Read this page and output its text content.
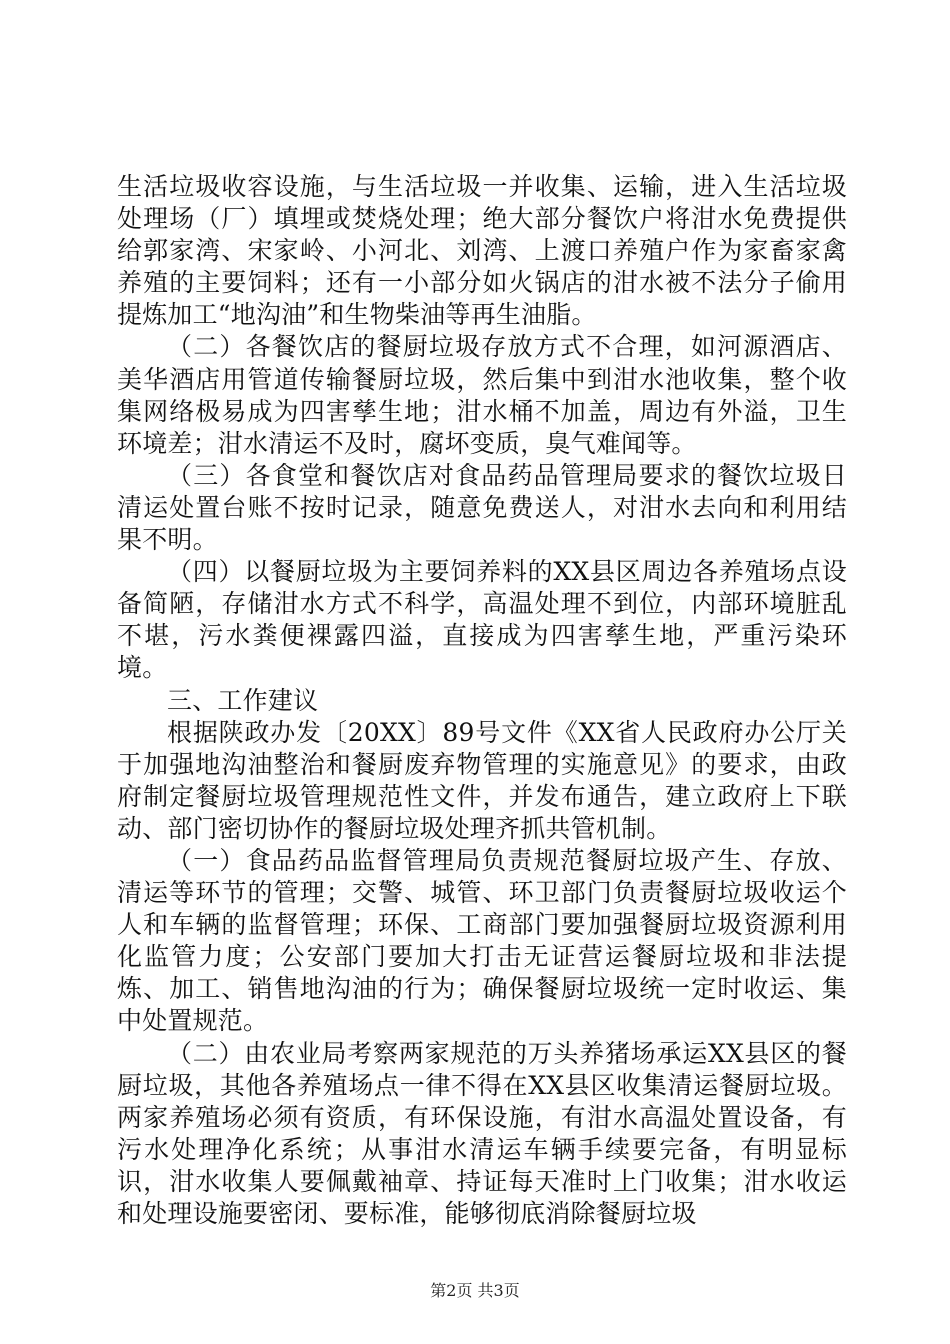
生活垃圾收容设施，与生活垃圾一并收集、运输，进入生活垃圾处理场（厂）填埋或焚烧处理；绝大部分餐饮户将泔水免费提供给郭家湾、宋家岭、小河北、刘湾、上渡口养殖户作为家畜家禽养殖的主要饲料；还有一小部分如火锅店的泔水被不法分子偷用提炼加工“地沟油”和生物柴油等再生油脂。

（二）各餐饮店的餐厨垃圾存放方式不合理，如河源酒店、美华酒店用管道传输餐厨垃圾，然后集中到泔水池收集，整个收集网络极易成为四害孳生地；泔水桶不加盖，周边有外溢，卫生环境差；泔水清运不及时，腐坏变质，臭气难闻等。

（三）各食堂和餐饮店对食品药品管理局要求的餐饮垃圾日清运处置台账不按时记录，随意免费送人，对泔水去向和利用结果不明。

（四）以餐厨垃圾为主要饲养料的XX县区周边各养殖场点设备简陋，存储泔水方式不科学，高温处理不到位，内部环境脏乱不堪，污水粪便裸露四溢，直接成为四害孳生地，严重污染环境。

三、工作建议

根据陕政办发〔20XX〕89号文件《XX省人民政府办公厅关于加强地沟油整治和餐厨废弃物管理的实施意见》的要求，由政府制定餐厨垃圾管理规范性文件，并发布通告，建立政府上下联动、部门密切协作的餐厨垃圾处理齐抓共管机制。

（一）食品药品监督管理局负责规范餐厨垃圾产生、存放、清运等环节的管理；交警、城管、环卫部门负责餐厨垃圾收运个人和车辆的监督管理；环保、工商部门要加强餐厨垃圾资源利用化监管力度；公安部门要加大打击无证营运餐厨垃圾和非法提炼、加工、销售地沟油的行为；确保餐厨垃圾统一定时收运、集中处置规范。

（二）由农业局考察两家规范的万头养猪场承运XX县区的餐厨垃圾，其他各养殖场点一律不得在XX县区收集清运餐厨垃圾。两家养殖场必须有资质，有环保设施，有泔水高温处置设备，有污水处理净化系统；从事泔水清运车辆手续要完备，有明显标识，泔水收集人要佩戴袖章、持证每天准时上门收集；泔水收运和处理设施要密闭、要标准，能够彻底消除餐厨垃圾

第2页 共3页
